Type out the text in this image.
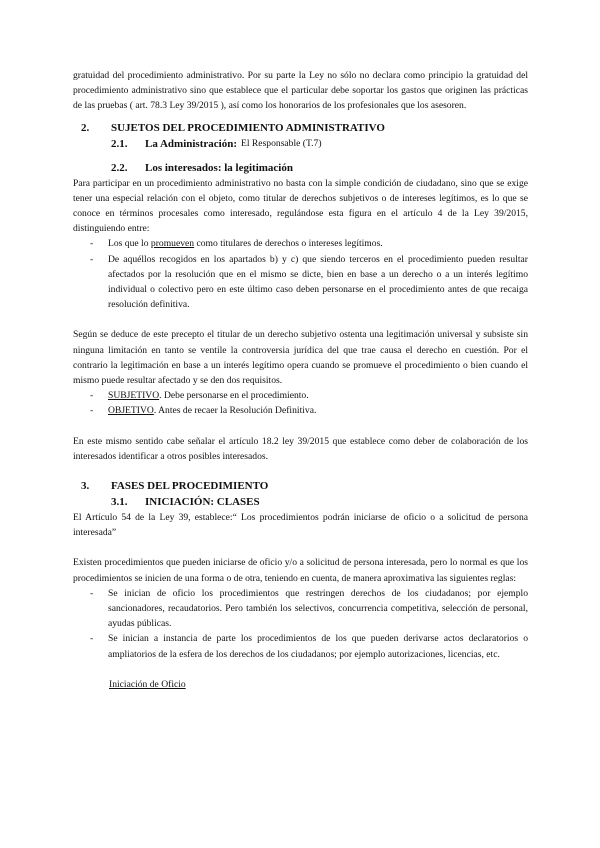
gratuidad del procedimiento administrativo. Por su parte la Ley no sólo no declara como principio la gratuidad del procedimiento administrativo sino que establece que el particular debe soportar los gastos que originen las prácticas de las pruebas ( art. 78.3 Ley 39/2015 ), así como los honorarios de los profesionales que los asesoren.

2.	SUJETOS DEL PROCEDIMIENTO ADMINISTRATIVO
2.1.	La Administración: El Responsable (T.7)
2.2.	Los interesados: la legitimación

Para participar en un procedimiento administrativo no basta con la simple condición de ciudadano, sino que se exige tener una especial relación con el objeto, como titular de derechos subjetivos o de intereses legítimos, es lo que se conoce en términos procesales como interesado, regulándose esta figura en el artículo 4 de la Ley 39/2015, distinguiendo entre:

-	Los que lo promueven como titulares de derechos o intereses legítimos.
-	De aquéllos recogidos en los apartados b) y c) que siendo terceros en el procedimiento pueden resultar afectados por la resolución que en el mismo se dicte, bien en base a un derecho o a un interés legítimo individual o colectivo pero en este último caso deben personarse en el procedimiento antes de que recaiga resolución definitiva.

Según se deduce de este precepto el titular de un derecho subjetivo ostenta una legitimación universal y subsiste sin ninguna limitación en tanto se ventile la controversia jurídica del que trae causa el derecho en cuestión. Por el contrario la legitimación en base a un interés legítimo opera cuando se promueve el procedimiento o bien cuando el mismo puede resultar afectado y se den dos requisitos.

-	SUBJETIVO. Debe personarse en el procedimiento.
-	OBJETIVO. Antes de recaer la Resolución Definitiva.

En este mismo sentido cabe señalar el artículo 18.2 ley 39/2015 que establece como deber de colaboración de los interesados identificar a otros posibles interesados.

3.	FASES DEL PROCEDIMIENTO
3.1.	INICIACIÓN: CLASES

El Artículo 54 de la Ley 39, establece:“ Los procedimientos podrán iniciarse de oficio o a solicitud de persona interesada”

Existen procedimientos que pueden iniciarse de oficio y/o a solicitud de persona interesada, pero lo normal es que los procedimientos se inicien de una forma o de otra, teniendo en cuenta, de manera aproximativa las siguientes reglas:

-	Se inician de oficio los procedimientos que restringen derechos de los ciudadanos; por ejemplo sancionadores, recaudatorios. Pero también los selectivos, concurrencia competitiva, selección de personal, ayudas públicas.
-	Se inician a instancia de parte los procedimientos de los que pueden derivarse actos declaratorios o ampliatorios de la esfera de los derechos de los ciudadanos; por ejemplo autorizaciones, licencias, etc.

Iniciación de Oficio
